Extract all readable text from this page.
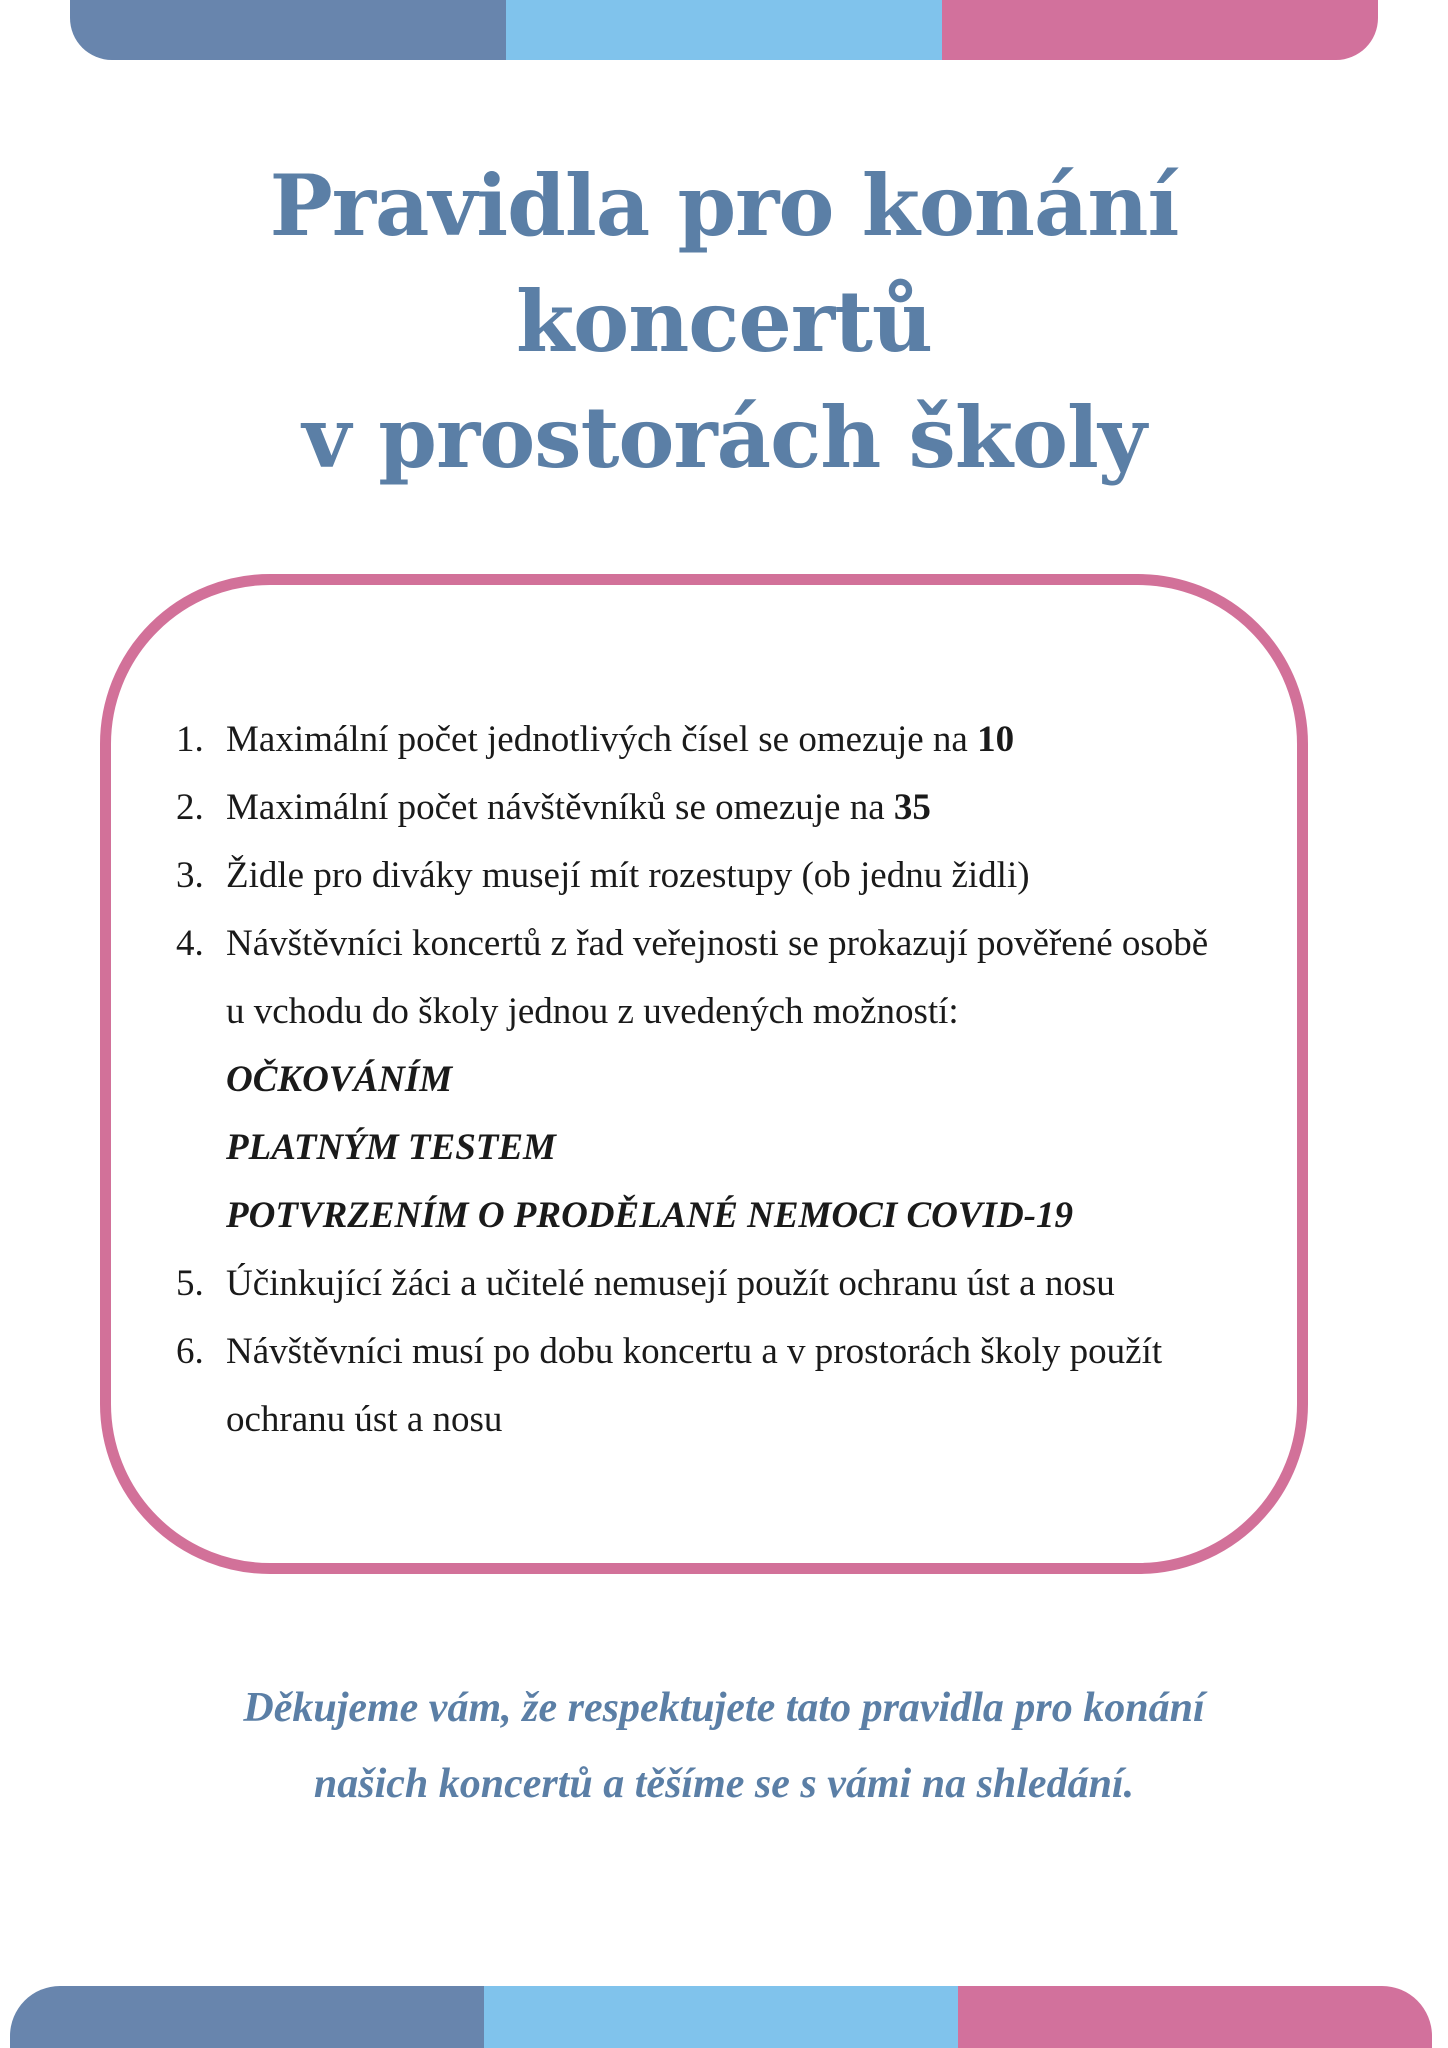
Pravidla pro konání
koncertů
v prostorách školy
1. Maximální počet jednotlivých čísel se omezuje na 10
2. Maximální počet návštěvníků se omezuje na 35
3. Židle pro diváky musejí mít rozestupy (ob jednu židli)
4. Návštěvníci koncertů z řad veřejnosti se prokazují pověřené osobě
u vchodu do školy jednou z uvedených možností:
OČKOVÁNÍM
PLATNÝM TESTEM
POTVRZENÍM O PRODĚLANÉ NEMOCI COVID-19
5. Účinkující žáci a učitelé nemusejí použít ochranu úst a nosu
6. Návštěvníci musí po dobu koncertu a v prostorách školy použít
ochranu úst a nosu
Děkujeme vám, že respektujete tato pravidla pro konání
našich koncertů a těšíme se s vámi na shledání.
